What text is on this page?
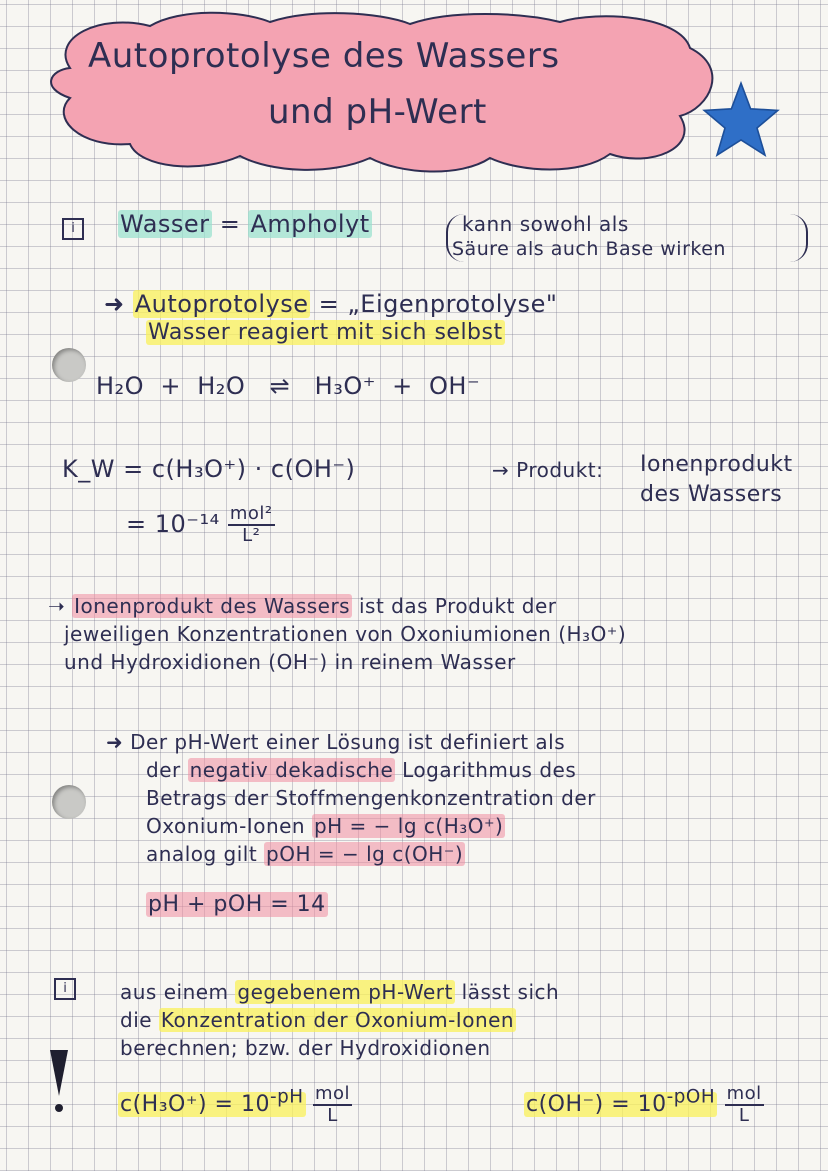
Autoprotolyse des Wassers
und pH-Wert
i	Wasser = Ampholyt	kann sowohl als
Säure als auch Base wirken
➜ Autoprotolyse = „Eigenprotolyse"
Wasser reagiert mit sich selbst
H₂O + H₂O ⇌ H₃O⁺ + OH⁻
K_W = c(H₃O⁺) · c(OH⁻)	→ Produkt: Ionenprodukt
des Wassers
= $10^{-14} \frac{\text{mol²}}{\text{L²}}$
➝ Ionenprodukt des Wassers ist das Produkt der
jeweiligen Konzentrationen von Oxoniumionen (H₃O⁺)
und Hydroxidionen (OH⁻) in reinem Wasser
➜ Der pH-Wert einer Lösung ist definiert als
der negativ dekadische Logarithmus des
Betrags der Stoffmengenkonzentration der
Oxonium-Ionen pH = − lg c(H₃O⁺)
analog gilt pOH = − lg c(OH⁻)
pH + pOH = 14
i	aus einem gegebenem pH-Wert lässt sich
die Konzentration der Oxonium-Ionen
berechnen; bzw. der Hydroxidionen
$c(H_3O^+) = 10^{-pH} \frac{\text{mol}}{L}$	$c(OH^-) = 10^{-pOH} \frac{\text{mol}}{L}$
